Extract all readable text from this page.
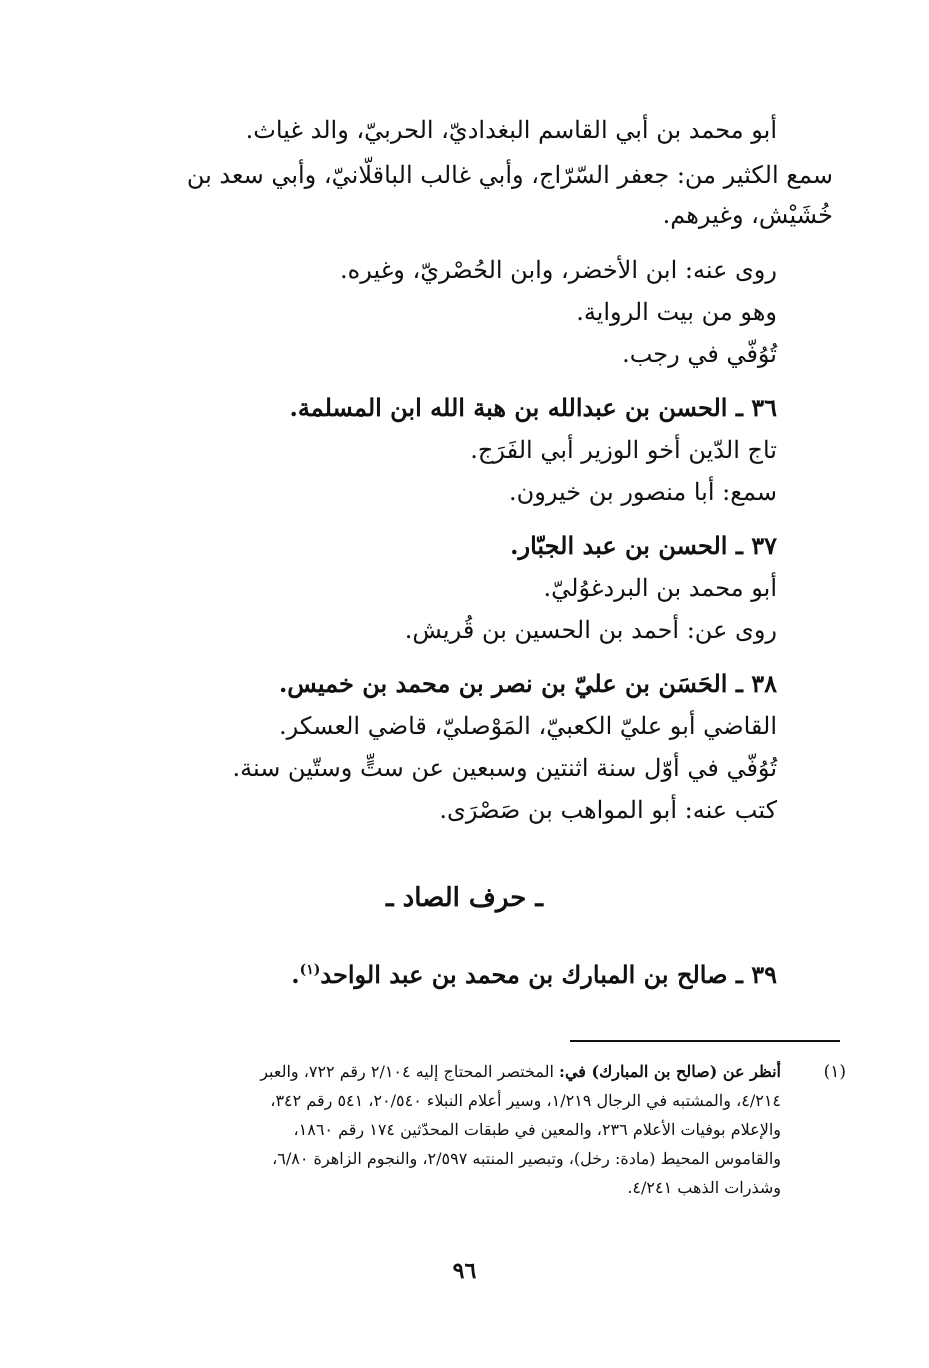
أبو محمد بن أبي القاسم البغداديّ، الحربيّ، والد غياث.
سمع الكثير من: جعفر السّرّاج، وأبي غالب الباقلّانيّ، وأبي سعد بن
خُشَيْش، وغيرهم.
روى عنه: ابن الأخضر، وابن الحُصْريّ، وغيره.
وهو من بيت الرواية.
تُوُفّي في رجب.
٣٦ ـ الحسن بن عبدالله بن هبة الله ابن المسلمة.
تاج الدّين أخو الوزير أبي الفَرَج.
سمع: أبا منصور بن خيرون.
٣٧ ـ الحسن بن عبد الجبّار.
أبو محمد بن البردغوُليّ.
روى عن: أحمد بن الحسين بن قُريش.
٣٨ ـ الحَسَن بن عليّ بن نصر بن محمد بن خميس.
القاضي أبو عليّ الكعبيّ، المَوْصليّ، قاضي العسكر.
تُوُفّي في أوّل سنة اثنتين وسبعين عن ستٍّ وستّين سنة.
كتب عنه: أبو المواهب بن صَصْرَى.
ـ حرف الصاد ـ
٣٩ ـ صالح بن المبارك بن محمد بن عبد الواحد$^{(١)}$.
(١)
أنظر عن (صالح بن المبارك) في: المختصر المحتاج إليه ٢/١٠٤ رقم ٧٢٢، والعبر
٤/٢١٤، والمشتبه في الرجال ١/٢١٩، وسير أعلام النبلاء ٢٠/٥٤٠، ٥٤١ رقم ٣٤٢،
والإعلام بوفيات الأعلام ٢٣٦، والمعين في طبقات المحدّثين ١٧٤ رقم ١٨٦٠،
والقاموس المحيط (مادة: رخل)، وتبصير المنتبه ٢/٥٩٧، والنجوم الزاهرة ٦/٨٠،
وشذرات الذهب ٤/٢٤١.
٩٦
